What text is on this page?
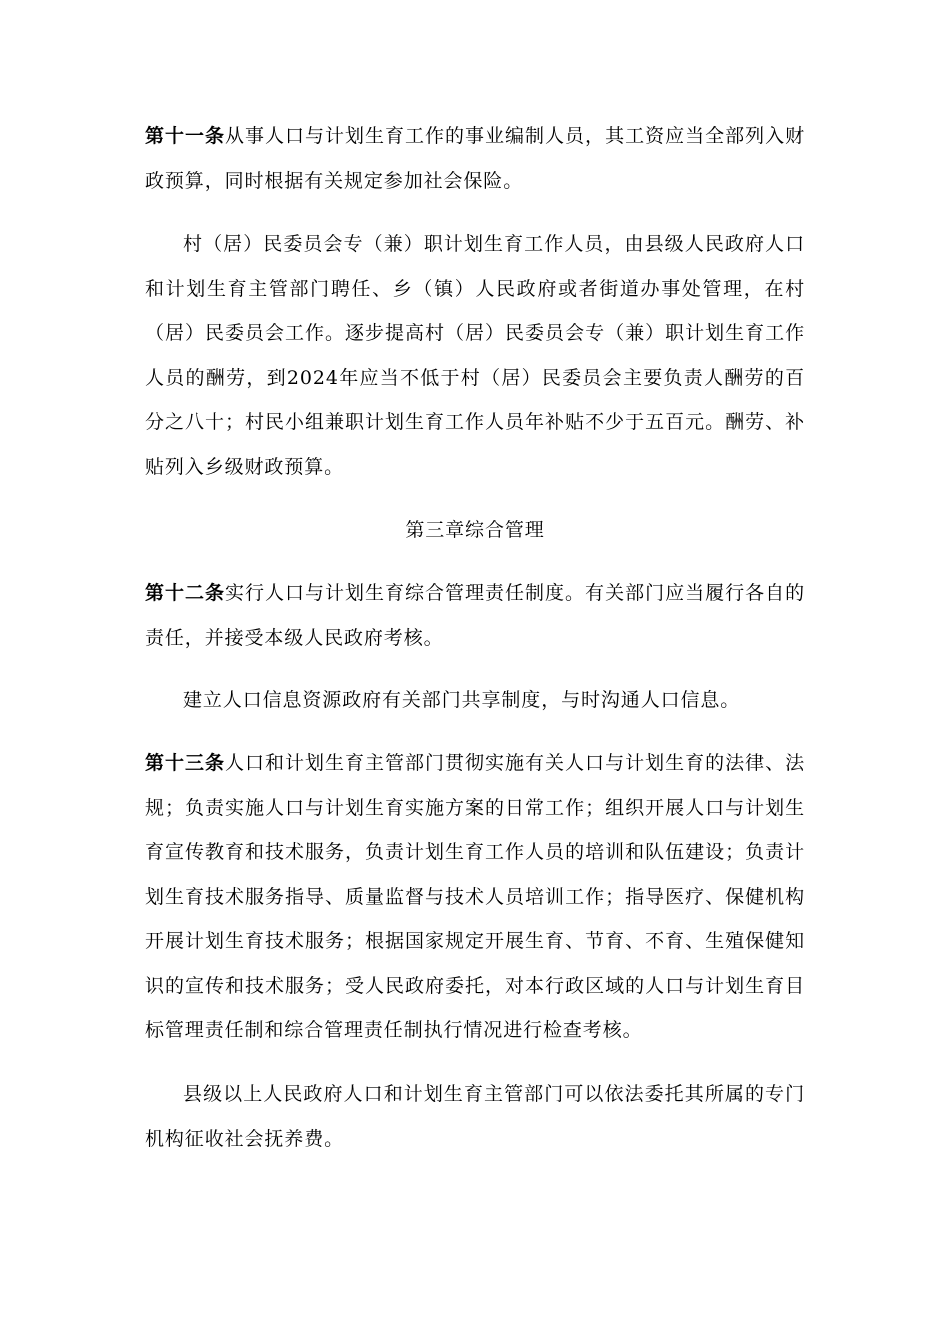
第十一条从事人口与计划生育工作的事业编制人员，其工资应当全部列入财政预算，同时根据有关规定参加社会保险。

村（居）民委员会专（兼）职计划生育工作人员，由县级人民政府人口和计划生育主管部门聘任、乡（镇）人民政府或者街道办事处管理，在村（居）民委员会工作。逐步提高村（居）民委员会专（兼）职计划生育工作人员的酬劳，到2024年应当不低于村（居）民委员会主要负责人酬劳的百分之八十；村民小组兼职计划生育工作人员年补贴不少于五百元。酬劳、补贴列入乡级财政预算。

第三章综合管理

第十二条实行人口与计划生育综合管理责任制度。有关部门应当履行各自的责任，并接受本级人民政府考核。

建立人口信息资源政府有关部门共享制度，与时沟通人口信息。

第十三条人口和计划生育主管部门贯彻实施有关人口与计划生育的法律、法规；负责实施人口与计划生育实施方案的日常工作；组织开展人口与计划生育宣传教育和技术服务，负责计划生育工作人员的培训和队伍建设；负责计划生育技术服务指导、质量监督与技术人员培训工作；指导医疗、保健机构开展计划生育技术服务；根据国家规定开展生育、节育、不育、生殖保健知识的宣传和技术服务；受人民政府委托，对本行政区域的人口与计划生育目标管理责任制和综合管理责任制执行情况进行检查考核。

县级以上人民政府人口和计划生育主管部门可以依法委托其所属的专门机构征收社会抚养费。
